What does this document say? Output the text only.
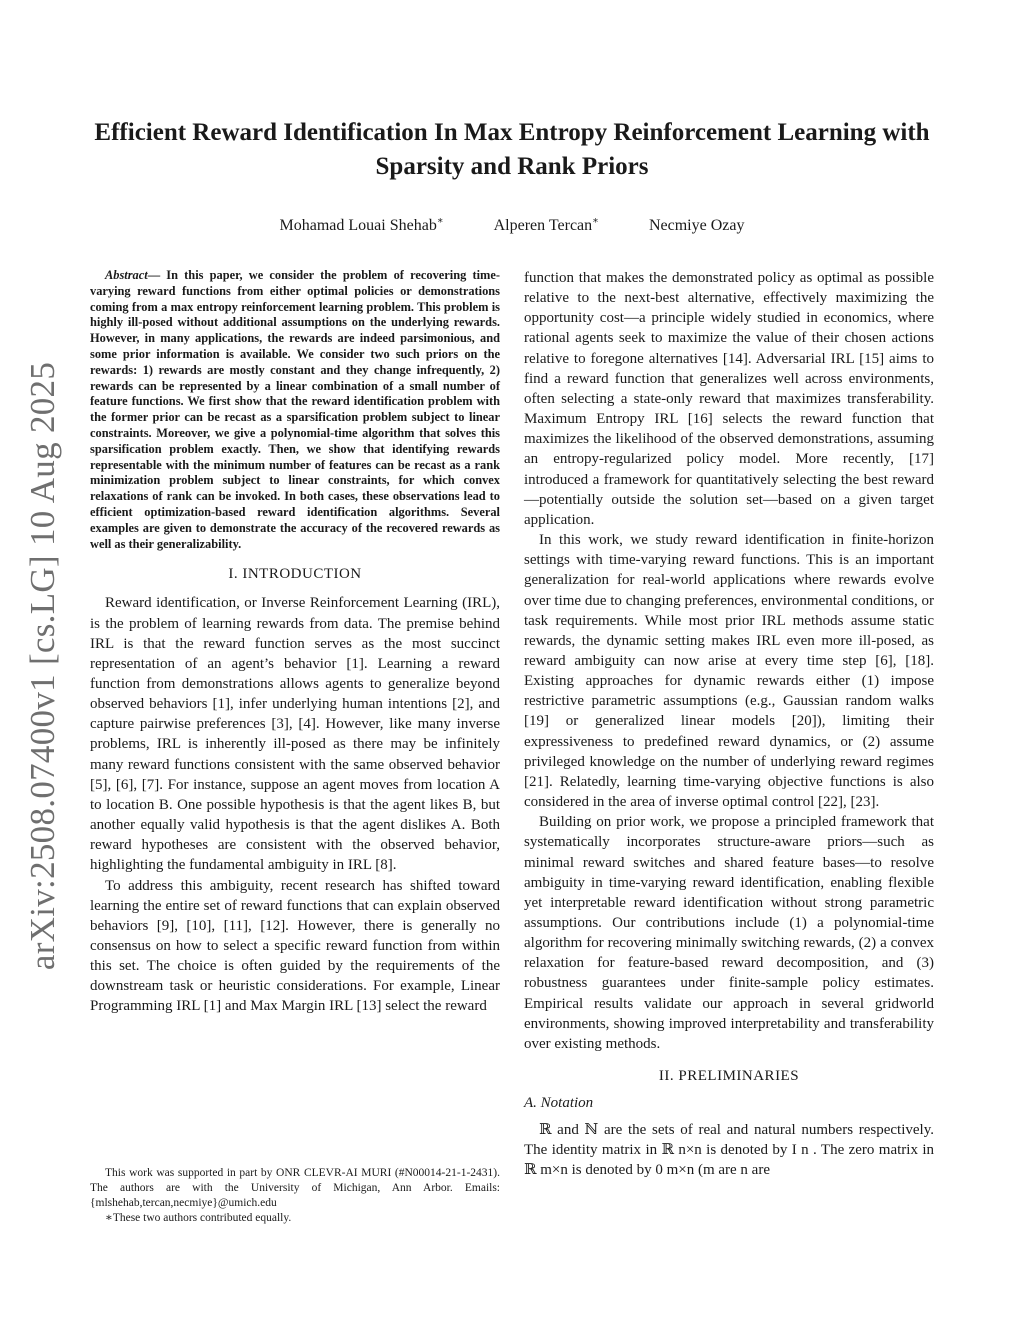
arXiv:2508.07400v1 [cs.LG] 10 Aug 2025
Efficient Reward Identification In Max Entropy Reinforcement Learning with Sparsity and Rank Priors
Mohamad Louai Shehab∗	Alperen Tercan∗	Necmiye Ozay

Abstract— In this paper, we consider the problem of recovering time-varying reward functions from either optimal policies or demonstrations coming from a max entropy reinforcement learning problem. This problem is highly ill-posed without additional assumptions on the underlying rewards. However, in many applications, the rewards are indeed parsimonious, and some prior information is available. We consider two such priors on the rewards: 1) rewards are mostly constant and they change infrequently, 2) rewards can be represented by a linear combination of a small number of feature functions. We first show that the reward identification problem with the former prior can be recast as a sparsification problem subject to linear constraints. Moreover, we give a polynomial-time algorithm that solves this sparsification problem exactly. Then, we show that identifying rewards representable with the minimum number of features can be recast as a rank minimization problem subject to linear constraints, for which convex relaxations of rank can be invoked. In both cases, these observations lead to efficient optimization-based reward identification algorithms. Several examples are given to demonstrate the accuracy of the recovered rewards as well as their generalizability.

I. INTRODUCTION

Reward identification, or Inverse Reinforcement Learning (IRL), is the problem of learning rewards from data. The premise behind IRL is that the reward function serves as the most succinct representation of an agent’s behavior [1]. Learning a reward function from demonstrations allows agents to generalize beyond observed behaviors [1], infer underlying human intentions [2], and capture pairwise preferences [3], [4]. However, like many inverse problems, IRL is inherently ill-posed as there may be infinitely many reward functions consistent with the same observed behavior [5], [6], [7]. For instance, suppose an agent moves from location A to location B. One possible hypothesis is that the agent likes B, but another equally valid hypothesis is that the agent dislikes A. Both reward hypotheses are consistent with the observed behavior, highlighting the fundamental ambiguity in IRL [8].

To address this ambiguity, recent research has shifted toward learning the entire set of reward functions that can explain observed behaviors [9], [10], [11], [12]. However, there is generally no consensus on how to select a specific reward function from within this set. The choice is often guided by the requirements of the downstream task or heuristic considerations. For example, Linear Programming IRL [1] and Max Margin IRL [13] select the reward

function that makes the demonstrated policy as optimal as possible relative to the next-best alternative, effectively maximizing the opportunity cost—a principle widely studied in economics, where rational agents seek to maximize the value of their chosen actions relative to foregone alternatives [14]. Adversarial IRL [15] aims to find a reward function that generalizes well across environments, often selecting a state-only reward that maximizes transferability. Maximum Entropy IRL [16] selects the reward function that maximizes the likelihood of the observed demonstrations, assuming an entropy-regularized policy model. More recently, [17] introduced a framework for quantitatively selecting the best reward—potentially outside the solution set—based on a given target application.

In this work, we study reward identification in finite-horizon settings with time-varying reward functions. This is an important generalization for real-world applications where rewards evolve over time due to changing preferences, environmental conditions, or task requirements. While most prior IRL methods assume static rewards, the dynamic setting makes IRL even more ill-posed, as reward ambiguity can now arise at every time step [6], [18]. Existing approaches for dynamic rewards either (1) impose restrictive parametric assumptions (e.g., Gaussian random walks [19] or generalized linear models [20]), limiting their expressiveness to predefined reward dynamics, or (2) assume privileged knowledge on the number of underlying reward regimes [21]. Relatedly, learning time-varying objective functions is also considered in the area of inverse optimal control [22], [23].

Building on prior work, we propose a principled framework that systematically incorporates structure-aware priors—such as minimal reward switches and shared feature bases—to resolve ambiguity in time-varying reward identification, enabling flexible yet interpretable reward identification without strong parametric assumptions. Our contributions include (1) a polynomial-time algorithm for recovering minimally switching rewards, (2) a convex relaxation for feature-based reward decomposition, and (3) robustness guarantees under finite-sample policy estimates. Empirical results validate our approach in several gridworld environments, showing improved interpretability and transferability over existing methods.

II. PRELIMINARIES
A. Notation

ℝ and ℕ are the sets of real and natural numbers respectively. The identity matrix in ℝ n×n is denoted by I n . The zero matrix in ℝ m×n is denoted by 0 m×n (m are n are

This work was supported in part by ONR CLEVR-AI MURI (#N00014-21-1-2431). The authors are with the University of Michigan, Ann Arbor. Emails: {mlshehab,tercan,necmiye}@umich.edu

∗These two authors contributed equally.
